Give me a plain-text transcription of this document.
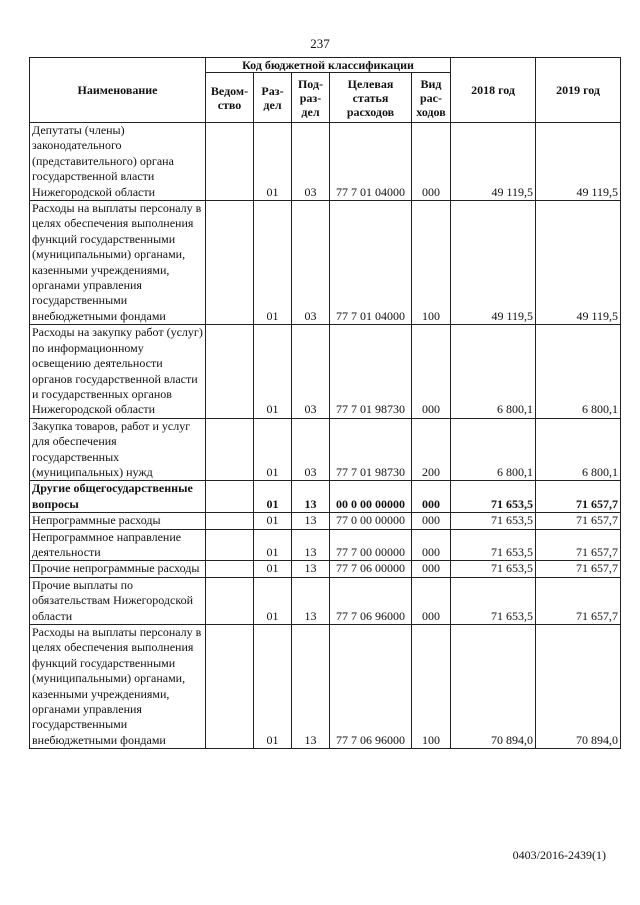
237
Наименование	Код бюджетной классификации					2018 год	2019 год
	Ведом-ство	Раз-дел	Под-раз-дел	Целевая статья расходов	Вид рас-ходов		
Депутаты (члены) законодательного (представительного) органа государственной власти Нижегородской области		01	03	77 7 01 04000	000	49 119,5	49 119,5
Расходы на выплаты персоналу в целях обеспечения выполнения функций государственными (муниципальными) органами, казенными учреждениями, органами управления государственными внебюджетными фондами		01	03	77 7 01 04000	100	49 119,5	49 119,5
Расходы на закупку работ (услуг) по информационному освещению деятельности органов государственной власти и государственных органов Нижегородской области		01	03	77 7 01 98730	000	6 800,1	6 800,1
Закупка товаров, работ и услуг для обеспечения государственных (муниципальных) нужд		01	03	77 7 01 98730	200	6 800,1	6 800,1
Другие общегосударственные вопросы		01	13	00 0 00 00000	000	71 653,5	71 657,7
Непрограммные расходы		01	13	77 0 00 00000	000	71 653,5	71 657,7
Непрограммное направление деятельности		01	13	77 7 00 00000	000	71 653,5	71 657,7
Прочие непрограммные расходы		01	13	77 7 06 00000	000	71 653,5	71 657,7
Прочие выплаты по обязательствам Нижегородской области		01	13	77 7 06 96000	000	71 653,5	71 657,7
Расходы на выплаты персоналу в целях обеспечения выполнения функций государственными (муниципальными) органами, казенными учреждениями, органами управления государственными внебюджетными фондами		01	13	77 7 06 96000	100	70 894,0	70 894,0
0403/2016-2439(1)
